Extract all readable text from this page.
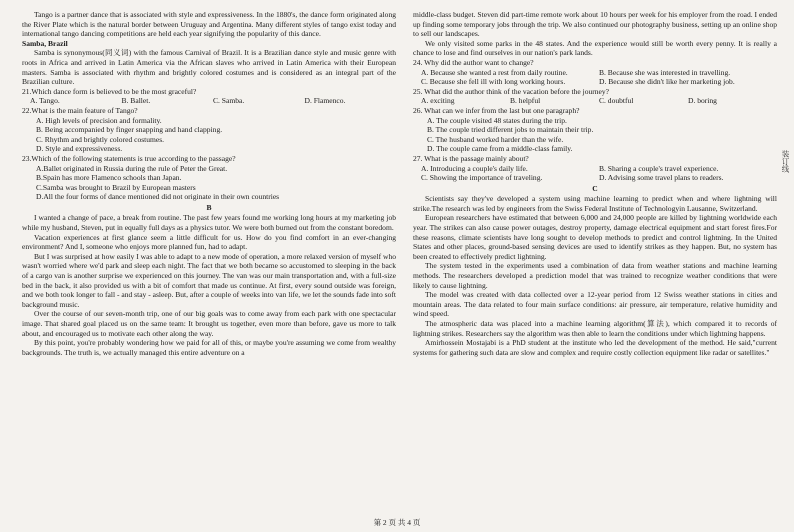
Tango is a partner dance that is associated with style and expressiveness. In the 1880's, the dance form originated along the River Plate which is the natural border between Uruguay and Argentina. Many different styles of tango exist today and international tango dancing competitions are held each year signifying the popularity of this dance.

Samba, Brazil

Samba is synonymous(同义词) with the famous Carnival of Brazil. It is a Brazilian dance style and music genre with roots in Africa and arrived in Latin America via the African slaves who arrived in Latin America with their European masters. Samba is associated with rhythm and brightly colored costumes and is considered as an integral part of the Brazilian culture.

21.Which dance form is believed to be the most graceful?

A. Tango.	B. Ballet.	C. Samba.	D. Flamenco.

22.What is the main feature of Tango?

A. High levels of precision and formality.
B. Being accompanied by finger snapping and hand clapping.
C. Rhythm and brightly colored costumes.
D. Style and expressiveness.

23.Which of the following statements is true according to the passage?

A.Ballet originated in Russia during the rule of Peter the Great.
B.Spain has more Flamenco schools than Japan.
C.Samba was brought to Brazil by European masters
D.All the four forms of dance mentioned did not originate in their own countries
B

I wanted a change of pace, a break from routine. The past few years found me working long hours at my marketing job while my husband, Steven, put in equally full days as a physics tutor. We were both burned out from the constant boredom.

Vacation experiences at first glance seem a little difficult for us. How do you find comfort in an ever-changing environment? And I, someone who enjoys more planned fun, had to adapt.

But I was surprised at how easily I was able to adapt to a new mode of operation, a more relaxed version of myself who wasn't worried where we'd park and sleep each night. The fact that we both became so accustomed to sleeping in the back of a cargo van is another surprise we experienced on this journey. The van was our main transportation and, with a full-size bed in the back, it also provided us with a bit of comfort that made us continue. At first, every sound outside was foreign, and we both took longer to fall - and stay - asleep. But, after a couple of weeks into van life, we let the sounds fade into soft background music.

Over the course of our seven-month trip, one of our big goals was to come away from each park with one spectacular image. That shared goal placed us on the same team: It brought us together, even more than before, gave us more to talk about, and encouraged us to motivate each other along the way.

By this point, you're probably wondering how we paid for all of this, or maybe you're assuming we come from wealthy backgrounds. The truth is, we actually managed this entire adventure on a

middle-class budget. Steven did part-time remote work about 10 hours per week for his employer from the road. I ended up finding some temporary jobs through the trip. We also continued our photography business, setting up an online shop to sell our landscapes.

We only visited some parks in the 48 states. And the experience would still be worth every penny. It is really a chance to lose and find ourselves in our nation's park lands.

24. Why did the author want to change?

A. Because she wanted a rest from daily routine.	B. Because she was interested in travelling.
C. Because she fell ill with long working hours.	D. Because she didn't like her marketing job.

25. What did the author think of the vacation before the journey?

A. exciting	B. helpful	C. doubtful	D. boring

26. What can we infer from the last but one paragraph?

A. The couple visited 48 states during the trip.
B. The couple tried different jobs to maintain their trip.
C. The husband worked harder than the wife.
D. The couple came from a middle-class family.

27. What is the passage mainly about?

A. Introducing a couple's daily life.	B. Sharing a couple's travel experience.
C. Showing the importance of traveling.	D. Advising some travel plans to readers.
C

Scientists say they've developed a system using machine learning to predict when and where lightning will strike.The research was led by engineers from the Swiss Federal Institute of Technologyin Lausanne, Switzerland.

European researchers have estimated that between 6,000 and 24,000 people are killed by lightning worldwide each year. The strikes can also cause power outages, destroy property, damage electrical equipment and start forest fires.For these reasons, climate scientists have long sought to develop methods to predict and control lightning. In the United States and other places, ground-based sensing devices are used to identify strikes as they happen. But, no system has been created to effectively predict lightning.

The system tested in the experiments used a combination of data from weather stations and machine learning methods. The researchers developed a prediction model that was trained to recognize weather conditions that were likely to cause lightning.

The model was created with data collected over a 12-year period from 12 Swiss weather stations in cities and mountain areas. The data related to four main surface conditions: air pressure, air temperature, relative humidity and wind speed.

The atmospheric data was placed into a machine learning algorithm(算法), which compared it to records of lightning strikes. Researchers say the algorithm was then able to learn the conditions under which lightning happens.

Amirhossein Mostajabi is a PhD student at the institute who led the development of the method. He said,"current systems for gathering such data are slow and complex and require costly collection equipment like radar or satellites."

第 2 页 共 4 页
装订线
